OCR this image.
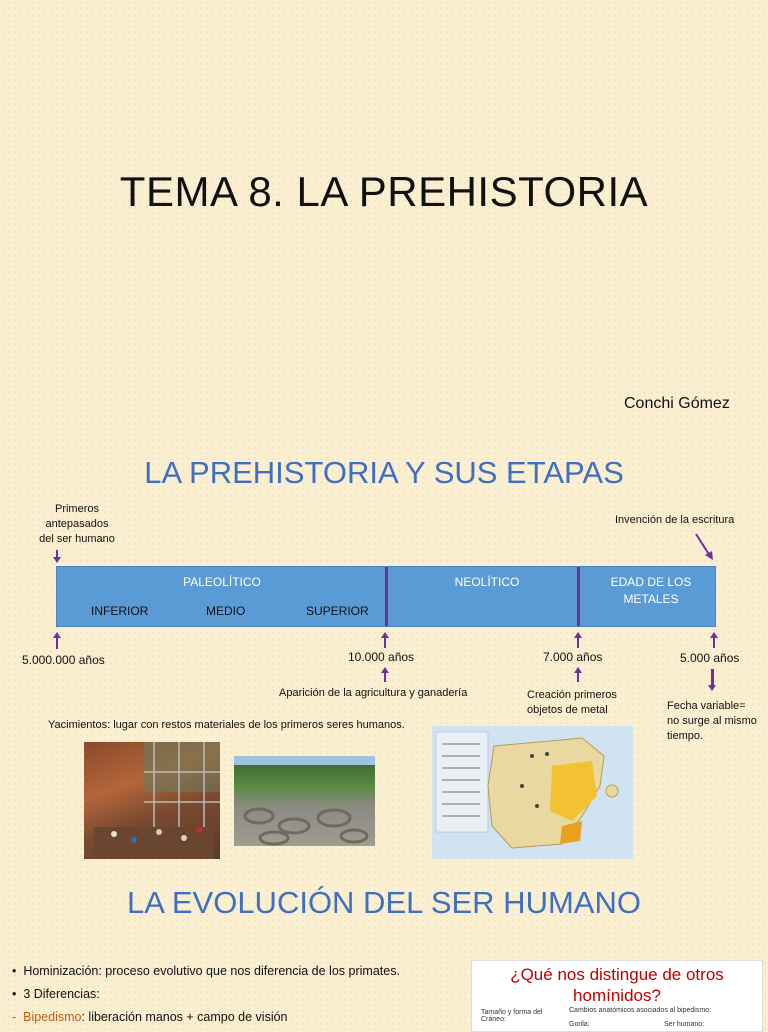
TEMA 8. LA PREHISTORIA
Conchi Gómez
LA PREHISTORIA Y SUS ETAPAS
Primeros
antepasados
del ser humano
Invención de la escritura
PALEOLÍTICO
INFERIOR	MEDIO	SUPERIOR
NEOLÍTICO	EDAD DE LOS
METALES
5.000.000 años	10.000 años
Aparición de la agricultura y ganadería
7.000 años
Creación primeros
objetos de metal
5.000 años
Fecha variable=
no surge al mismo
tiempo.
Yacimientos: lugar con restos materiales de los primeros seres humanos.
LA EVOLUCIÓN DEL SER HUMANO
•  Hominización: proceso evolutivo que nos diferencia de los primates.
•  3 Diferencias:
-  Bipedismo: liberación manos + campo de visión
¿Qué nos distingue de otros
homínidos?
Tamaño y forma del
Cráneo:
Cambios anatómicos asociados al bipedismo:
Gorila:	Ser humano:
